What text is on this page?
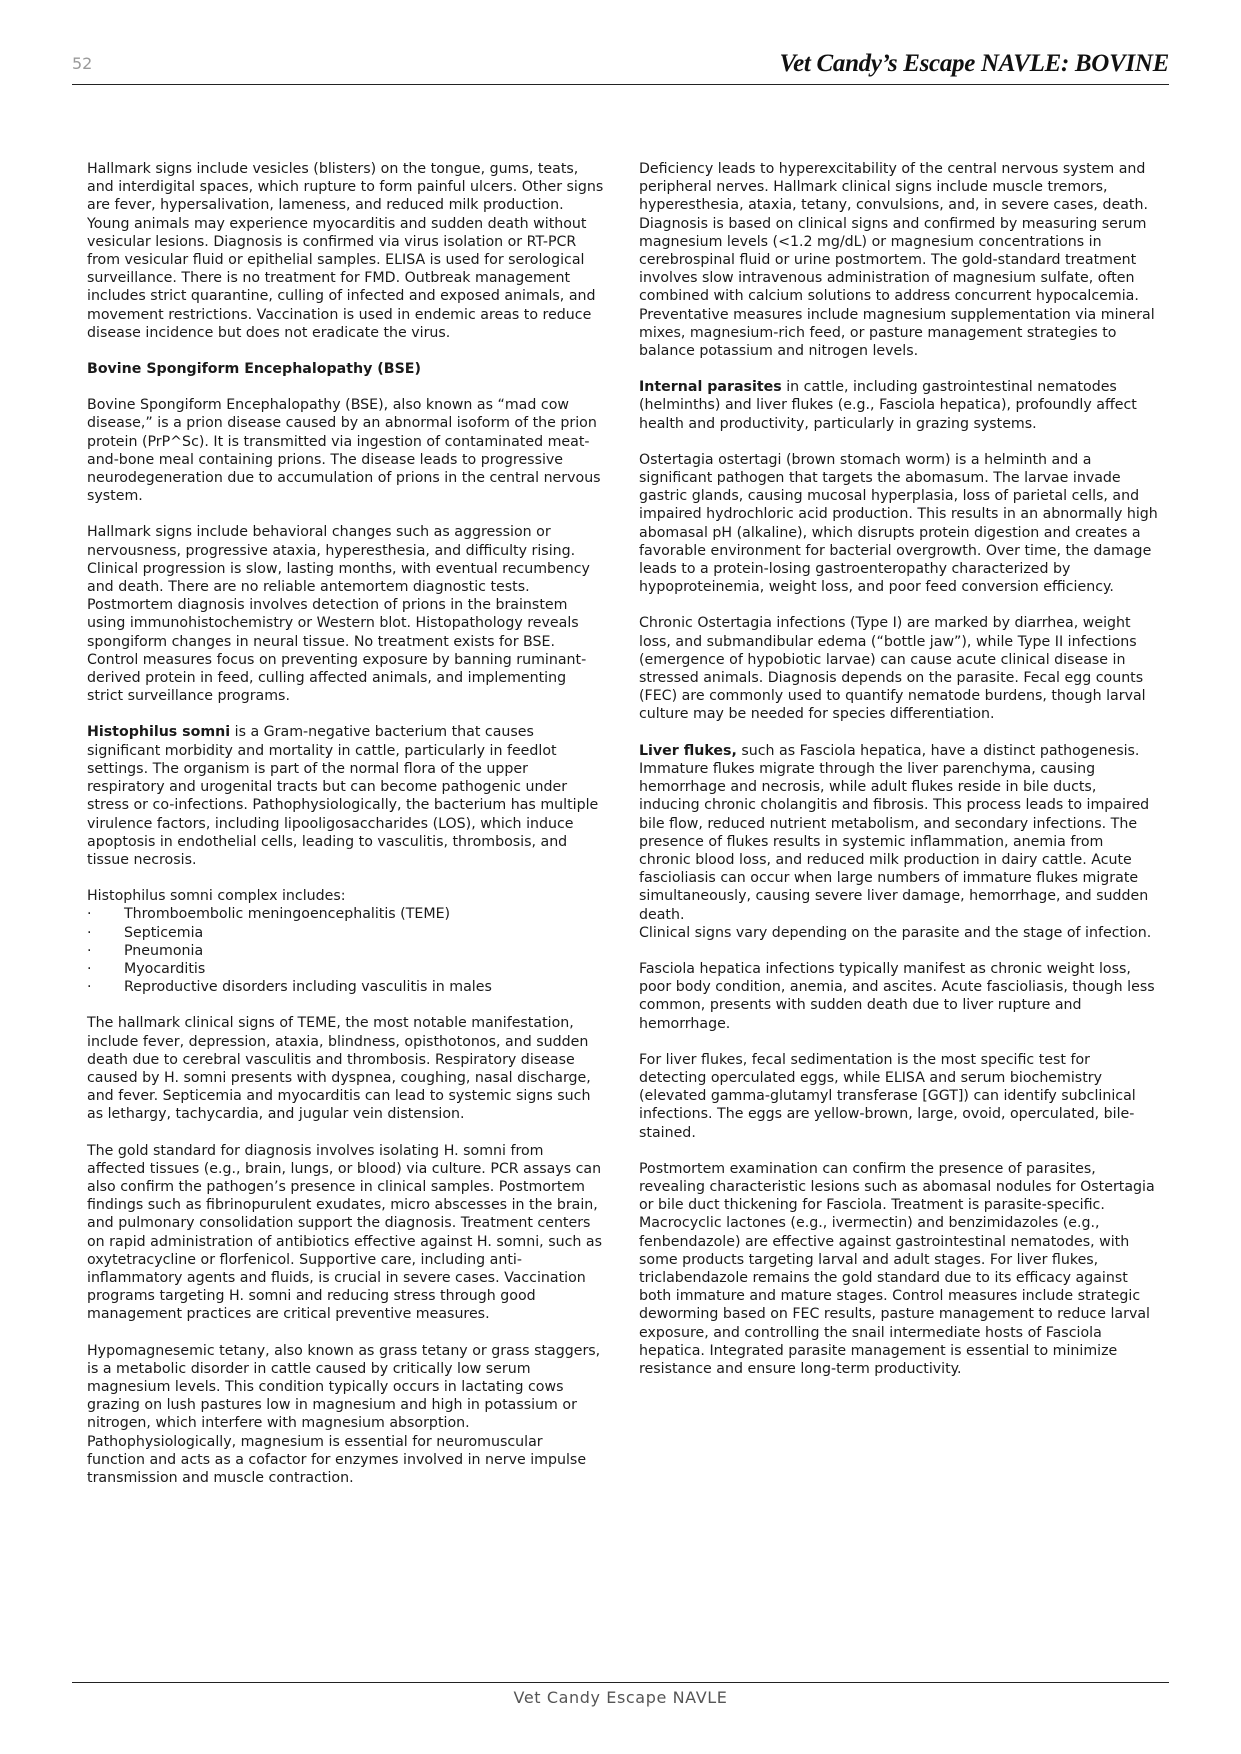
52	Vet Candy’s Escape NAVLE: BOVINE

Hallmark signs include vesicles (blisters) on the tongue, gums, teats, and interdigital spaces, which rupture to form painful ulcers. Other signs are fever, hypersalivation, lameness, and reduced milk production. Young animals may experience myocarditis and sudden death without vesicular lesions. Diagnosis is confirmed via virus isolation or RT-PCR from vesicular fluid or epithelial samples. ELISA is used for serological surveillance. There is no treatment for FMD. Outbreak management includes strict quarantine, culling of infected and exposed animals, and movement restrictions. Vaccination is used in endemic areas to reduce disease incidence but does not eradicate the virus.

Bovine Spongiform Encephalopathy (BSE)

Bovine Spongiform Encephalopathy (BSE), also known as “mad cow disease,” is a prion disease caused by an abnormal isoform of the prion protein (PrP^Sc). It is transmitted via ingestion of contaminated meat-and-bone meal containing prions. The disease leads to progressive neurodegeneration due to accumulation of prions in the central nervous system.

Hallmark signs include behavioral changes such as aggression or nervousness, progressive ataxia, hyperesthesia, and difficulty rising. Clinical progression is slow, lasting months, with eventual recumbency and death. There are no reliable antemortem diagnostic tests.

Postmortem diagnosis involves detection of prions in the brainstem using immunohistochemistry or Western blot. Histopathology reveals spongiform changes in neural tissue. No treatment exists for BSE. Control measures focus on preventing exposure by banning ruminant-derived protein in feed, culling affected animals, and implementing strict surveillance programs.

Histophilus somni is a Gram-negative bacterium that causes significant morbidity and mortality in cattle, particularly in feedlot settings. The organism is part of the normal flora of the upper respiratory and urogenital tracts but can become pathogenic under stress or co-infections. Pathophysiologically, the bacterium has multiple virulence factors, including lipooligosaccharides (LOS), which induce apoptosis in endothelial cells, leading to vasculitis, thrombosis, and tissue necrosis.

Histophilus somni complex includes:

· Thromboembolic meningoencephalitis (TEME)
· Septicemia
· Pneumonia
· Myocarditis
· Reproductive disorders including vasculitis in males

The hallmark clinical signs of TEME, the most notable manifestation, include fever, depression, ataxia, blindness, opisthotonos, and sudden death due to cerebral vasculitis and thrombosis. Respiratory disease caused by H. somni presents with dyspnea, coughing, nasal discharge, and fever. Septicemia and myocarditis can lead to systemic signs such as lethargy, tachycardia, and jugular vein distension.

The gold standard for diagnosis involves isolating H. somni from affected tissues (e.g., brain, lungs, or blood) via culture. PCR assays can also confirm the pathogen’s presence in clinical samples. Postmortem findings such as fibrinopurulent exudates, micro abscesses in the brain, and pulmonary consolidation support the diagnosis. Treatment centers on rapid administration of antibiotics effective against H. somni, such as oxytetracycline or florfenicol. Supportive care, including anti-inflammatory agents and fluids, is crucial in severe cases. Vaccination programs targeting H. somni and reducing stress through good management practices are critical preventive measures.

Hypomagnesemic tetany, also known as grass tetany or grass staggers, is a metabolic disorder in cattle caused by critically low serum magnesium levels. This condition typically occurs in lactating cows grazing on lush pastures low in magnesium and high in potassium or nitrogen, which interfere with magnesium absorption. Pathophysiologically, magnesium is essential for neuromuscular function and acts as a cofactor for enzymes involved in nerve impulse transmission and muscle contraction.

Deficiency leads to hyperexcitability of the central nervous system and peripheral nerves. Hallmark clinical signs include muscle tremors, hyperesthesia, ataxia, tetany, convulsions, and, in severe cases, death. Diagnosis is based on clinical signs and confirmed by measuring serum magnesium levels (<1.2 mg/dL) or magnesium concentrations in cerebrospinal fluid or urine postmortem. The gold-standard treatment involves slow intravenous administration of magnesium sulfate, often combined with calcium solutions to address concurrent hypocalcemia. Preventative measures include magnesium supplementation via mineral mixes, magnesium-rich feed, or pasture management strategies to balance potassium and nitrogen levels.

Internal parasites in cattle, including gastrointestinal nematodes (helminths) and liver flukes (e.g., Fasciola hepatica), profoundly affect health and productivity, particularly in grazing systems.

Ostertagia ostertagi (brown stomach worm) is a helminth and a significant pathogen that targets the abomasum. The larvae invade gastric glands, causing mucosal hyperplasia, loss of parietal cells, and impaired hydrochloric acid production. This results in an abnormally high abomasal pH (alkaline), which disrupts protein digestion and creates a favorable environment for bacterial overgrowth. Over time, the damage leads to a protein-losing gastroenteropathy characterized by hypoproteinemia, weight loss, and poor feed conversion efficiency.

Chronic Ostertagia infections (Type I) are marked by diarrhea, weight loss, and submandibular edema (“bottle jaw”), while Type II infections (emergence of hypobiotic larvae) can cause acute clinical disease in stressed animals. Diagnosis depends on the parasite. Fecal egg counts (FEC) are commonly used to quantify nematode burdens, though larval culture may be needed for species differentiation.

Liver flukes, such as Fasciola hepatica, have a distinct pathogenesis. Immature flukes migrate through the liver parenchyma, causing hemorrhage and necrosis, while adult flukes reside in bile ducts, inducing chronic cholangitis and fibrosis. This process leads to impaired bile flow, reduced nutrient metabolism, and secondary infections. The presence of flukes results in systemic inflammation, anemia from chronic blood loss, and reduced milk production in dairy cattle. Acute fascioliasis can occur when large numbers of immature flukes migrate simultaneously, causing severe liver damage, hemorrhage, and sudden death.

Clinical signs vary depending on the parasite and the stage of infection.

Fasciola hepatica infections typically manifest as chronic weight loss, poor body condition, anemia, and ascites. Acute fascioliasis, though less common, presents with sudden death due to liver rupture and hemorrhage.

For liver flukes, fecal sedimentation is the most specific test for detecting operculated eggs, while ELISA and serum biochemistry (elevated gamma-glutamyl transferase [GGT]) can identify subclinical infections. The eggs are yellow-brown, large, ovoid, operculated, bile-stained.

Postmortem examination can confirm the presence of parasites, revealing characteristic lesions such as abomasal nodules for Ostertagia or bile duct thickening for Fasciola. Treatment is parasite-specific. Macrocyclic lactones (e.g., ivermectin) and benzimidazoles (e.g., fenbendazole) are effective against gastrointestinal nematodes, with some products targeting larval and adult stages. For liver flukes, triclabendazole remains the gold standard due to its efficacy against both immature and mature stages. Control measures include strategic deworming based on FEC results, pasture management to reduce larval exposure, and controlling the snail intermediate hosts of Fasciola hepatica. Integrated parasite management is essential to minimize resistance and ensure long-term productivity.

Vet Candy Escape NAVLE
